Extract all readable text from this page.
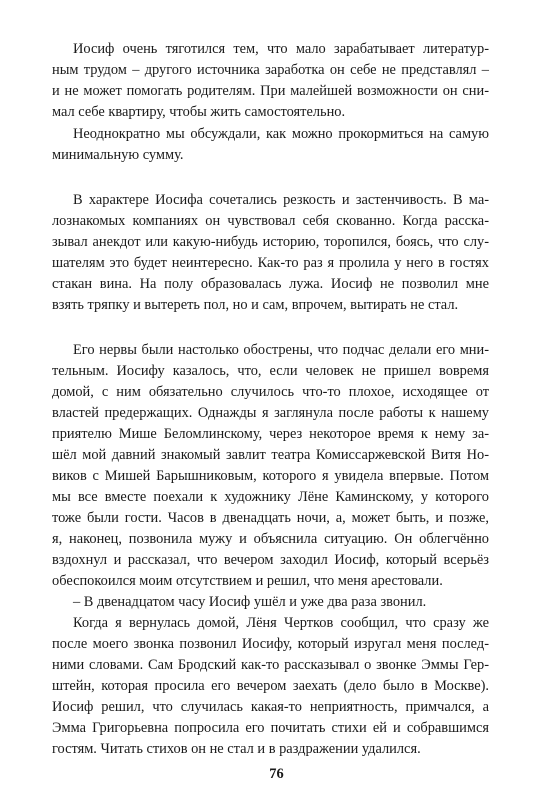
Иосиф очень тяготился тем, что мало зарабатывает литератур-
ным трудом – другого источника заработка он себе не представлял –
и не может помогать родителям. При малейшей возможности он сни-
мал себе квартиру, чтобы жить самостоятельно.
Неоднократно мы обсуждали, как можно прокормиться на самую
минимальную сумму.
В характере Иосифа сочетались резкость и застенчивость. В ма-
лознакомых компаниях он чувствовал себя скованно. Когда расска-
зывал анекдот или какую-нибудь историю, торопился, боясь, что слу-
шателям это будет неинтересно. Как-то раз я пролила у него в гостях
стакан вина. На полу образовалась лужа. Иосиф не позволил мне
взять тряпку и вытереть пол, но и сам, впрочем, вытирать не стал.
Его нервы были настолько обострены, что подчас делали его мни-
тельным. Иосифу казалось, что, если человек не пришел вовремя
домой, с ним обязательно случилось что-то плохое, исходящее от
властей предержащих. Однажды я заглянула после работы к нашему
приятелю Мише Беломлинскому, через некоторое время к нему за-
шёл мой давний знакомый завлит театра Комиссаржевской Витя Но-
виков с Мишей Барышниковым, которого я увидела впервые. Потом
мы все вместе поехали к художнику Лёне Каминскому, у которого
тоже были гости. Часов в двенадцать ночи, а, может быть, и позже,
я, наконец, позвонила мужу и объяснила ситуацию. Он облегчённо
вздохнул и рассказал, что вечером заходил Иосиф, который всерьёз
обеспокоился моим отсутствием и решил, что меня арестовали.
– В двенадцатом часу Иосиф ушёл и уже два раза звонил.
Когда я вернулась домой, Лёня Чертков сообщил, что сразу же
после моего звонка позвонил Иосифу, который изругал меня послед-
ними словами. Сам Бродский как-то рассказывал о звонке Эммы Гер-
штейн, которая просила его вечером заехать (дело было в Москве).
Иосиф решил, что случилась какая-то неприятность, примчался, а
Эмма Григорьевна попросила его почитать стихи ей и собравшимся
гостям. Читать стихов он не стал и в раздражении удалился.
76
